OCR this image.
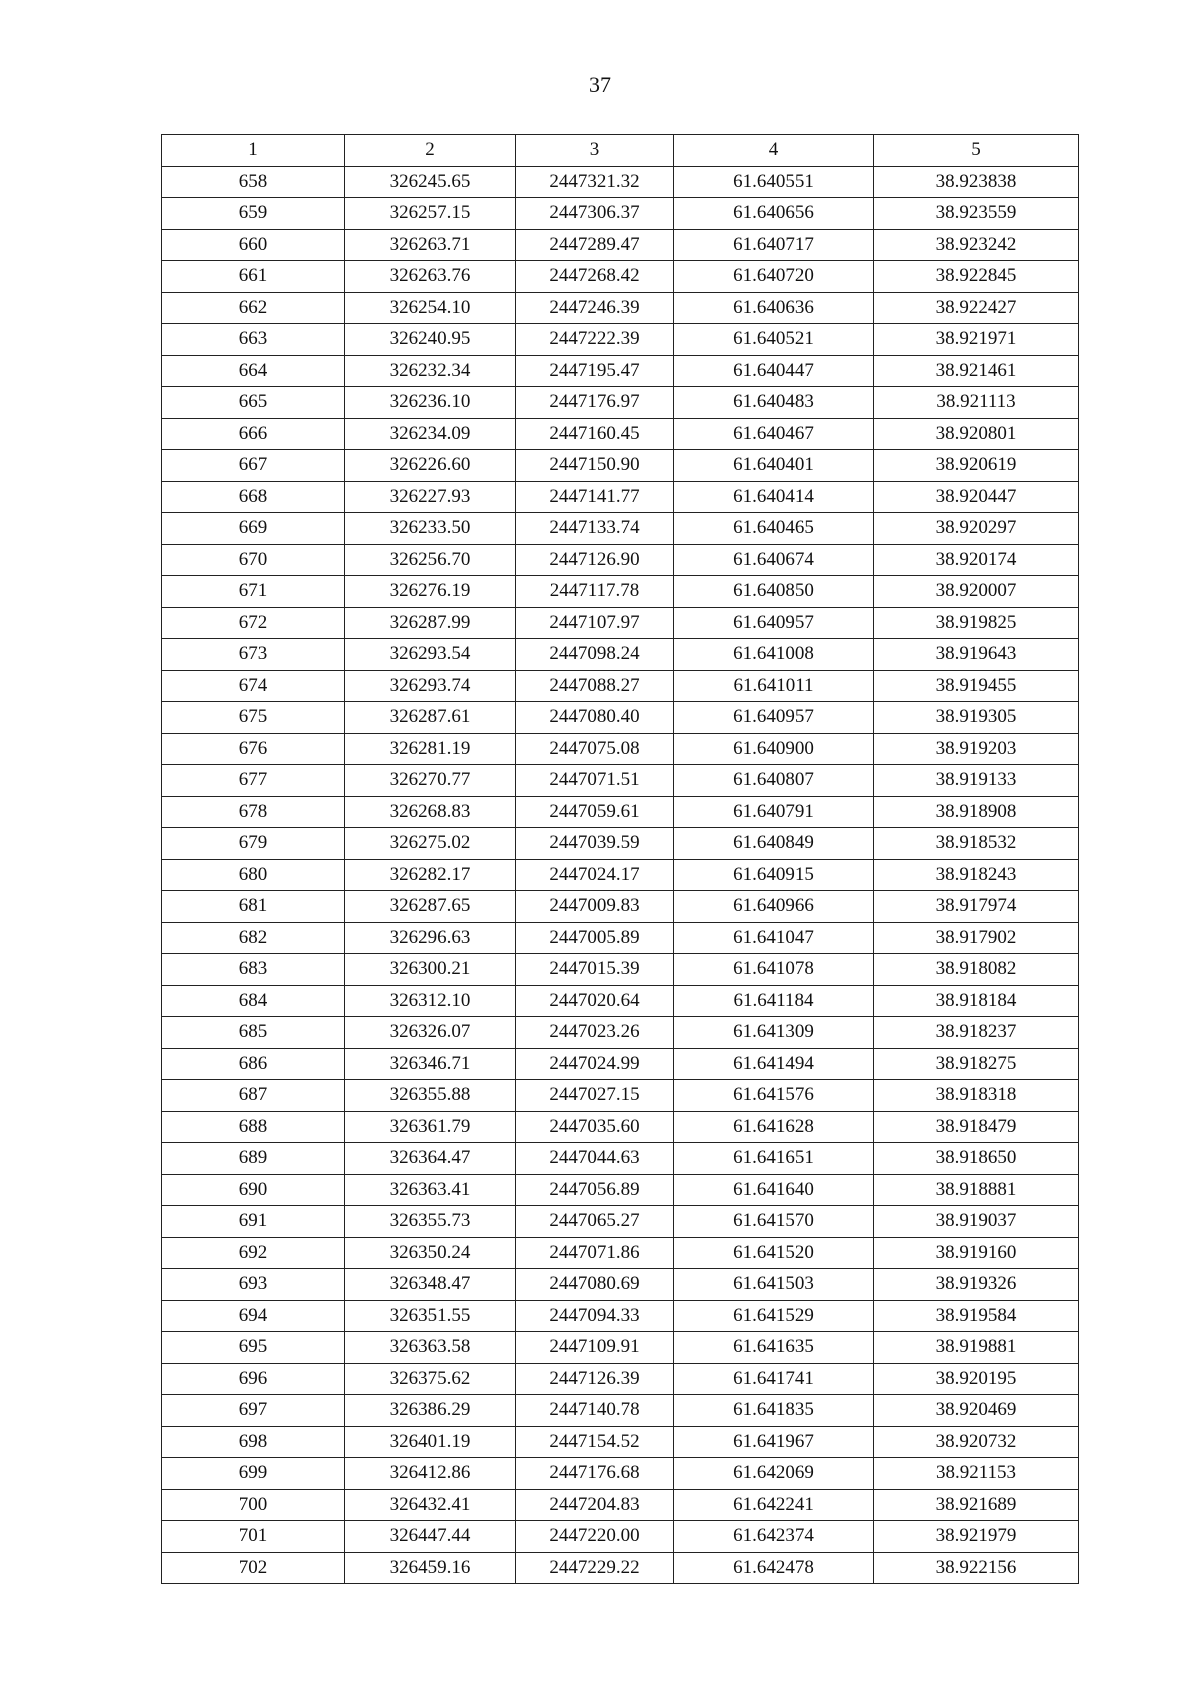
37
1	2	3	4	5
658	326245.65	2447321.32	61.640551	38.923838
659	326257.15	2447306.37	61.640656	38.923559
660	326263.71	2447289.47	61.640717	38.923242
661	326263.76	2447268.42	61.640720	38.922845
662	326254.10	2447246.39	61.640636	38.922427
663	326240.95	2447222.39	61.640521	38.921971
664	326232.34	2447195.47	61.640447	38.921461
665	326236.10	2447176.97	61.640483	38.921113
666	326234.09	2447160.45	61.640467	38.920801
667	326226.60	2447150.90	61.640401	38.920619
668	326227.93	2447141.77	61.640414	38.920447
669	326233.50	2447133.74	61.640465	38.920297
670	326256.70	2447126.90	61.640674	38.920174
671	326276.19	2447117.78	61.640850	38.920007
672	326287.99	2447107.97	61.640957	38.919825
673	326293.54	2447098.24	61.641008	38.919643
674	326293.74	2447088.27	61.641011	38.919455
675	326287.61	2447080.40	61.640957	38.919305
676	326281.19	2447075.08	61.640900	38.919203
677	326270.77	2447071.51	61.640807	38.919133
678	326268.83	2447059.61	61.640791	38.918908
679	326275.02	2447039.59	61.640849	38.918532
680	326282.17	2447024.17	61.640915	38.918243
681	326287.65	2447009.83	61.640966	38.917974
682	326296.63	2447005.89	61.641047	38.917902
683	326300.21	2447015.39	61.641078	38.918082
684	326312.10	2447020.64	61.641184	38.918184
685	326326.07	2447023.26	61.641309	38.918237
686	326346.71	2447024.99	61.641494	38.918275
687	326355.88	2447027.15	61.641576	38.918318
688	326361.79	2447035.60	61.641628	38.918479
689	326364.47	2447044.63	61.641651	38.918650
690	326363.41	2447056.89	61.641640	38.918881
691	326355.73	2447065.27	61.641570	38.919037
692	326350.24	2447071.86	61.641520	38.919160
693	326348.47	2447080.69	61.641503	38.919326
694	326351.55	2447094.33	61.641529	38.919584
695	326363.58	2447109.91	61.641635	38.919881
696	326375.62	2447126.39	61.641741	38.920195
697	326386.29	2447140.78	61.641835	38.920469
698	326401.19	2447154.52	61.641967	38.920732
699	326412.86	2447176.68	61.642069	38.921153
700	326432.41	2447204.83	61.642241	38.921689
701	326447.44	2447220.00	61.642374	38.921979
702	326459.16	2447229.22	61.642478	38.922156
